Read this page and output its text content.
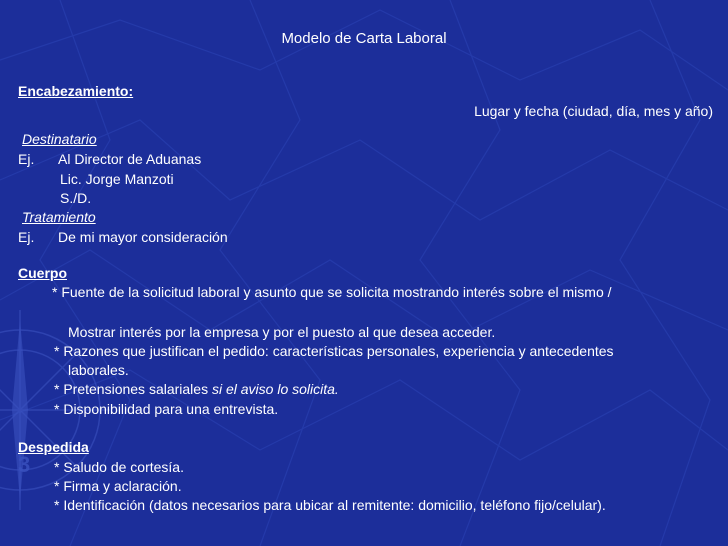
3
Modelo de Carta Laboral
Encabezamiento:
Lugar y fecha (ciudad, día, mes y año)
Destinatario
Ej. Al Director de Aduanas
Lic. Jorge Manzoti
S./D.
Tratamiento
Ej. De mi mayor consideración
Cuerpo
* Fuente de la solicitud laboral y asunto que se solicita mostrando interés sobre el mismo /
Mostrar interés por la empresa y por el puesto al que desea acceder.
* Razones que justifican el pedido: características personales, experiencia y antecedentes
laborales.
* Pretensiones salariales si el aviso lo solicita.
* Disponibilidad para una entrevista.
Despedida
* Saludo de cortesía.
* Firma y aclaración.
* Identificación (datos necesarios para ubicar al remitente: domicilio, teléfono fijo/celular).
